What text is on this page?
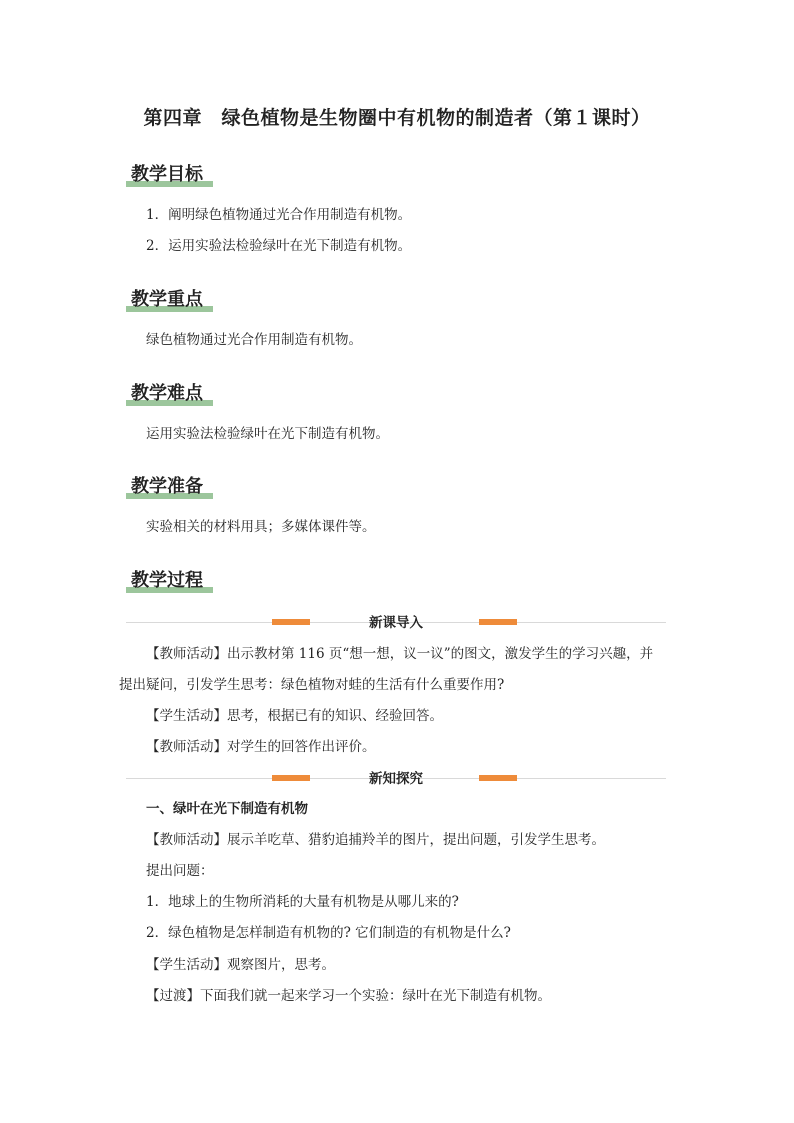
第四章　绿色植物是生物圈中有机物的制造者（第１课时）
教学目标

1．阐明绿色植物通过光合作用制造有机物。

2．运用实验法检验绿叶在光下制造有机物。

教学重点

绿色植物通过光合作用制造有机物。

教学难点

运用实验法检验绿叶在光下制造有机物。

教学准备

实验相关的材料用具；多媒体课件等。

教学过程
新课导入

【教师活动】出示教材第 116 页“想一想，议一议”的图文，激发学生的学习兴趣，并

提出疑问，引发学生思考：绿色植物对蛙的生活有什么重要作用?

【学生活动】思考，根据已有的知识、经验回答。

【教师活动】对学生的回答作出评价。

新知探究

一、绿叶在光下制造有机物

【教师活动】展示羊吃草、猎豹追捕羚羊的图片，提出问题，引发学生思考。

提出问题：

1．地球上的生物所消耗的大量有机物是从哪儿来的?

2．绿色植物是怎样制造有机物的? 它们制造的有机物是什么?

【学生活动】观察图片，思考。

【过渡】下面我们就一起来学习一个实验：绿叶在光下制造有机物。
